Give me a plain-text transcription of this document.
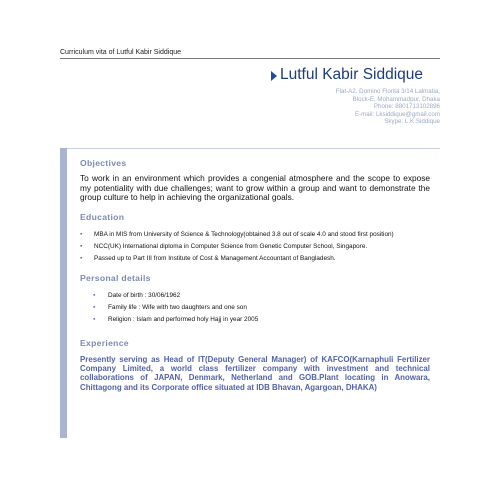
Curriculum vita of Lutful Kabir Siddique
Lutful Kabir Siddique
Flat-A2, Domino Florita 3/14 Lalmatia,
Block-E, Mohammadpur, Dhaka
Phone: 8801713102896
E-mail: Lksiddique@gmail.com
Skype: L.K.Siddique
Objectives

To work in an environment which provides a congenial atmosphere and the scope to expose my potentiality with due challenges; want to grow within a group and want to demonstrate the group culture to help in achieving the organizational goals.

Education
▪ MBA in MIS from University of Science & Technology(obtained 3.8 out of scale 4.0 and stood first position)
▪ NCC(UK) International diploma in Computer Science from Genetic Computer School, Singapore.
▪ Passed up to Part III from Institute of Cost & Management Accountant of Bangladesh.
Personal details
▪ Date of birth : 30/06/1962
▪ Family life : Wife with two daughters and one son
▪ Religion : Islam and performed holy Hajj in year 2005
Experience

Presently serving as Head of IT(Deputy General Manager) of KAFCO(Karnaphuli Fertilizer Company Limited, a world class fertilizer company with investment and technical collaborations of JAPAN, Denmark, Netherland and GOB.Plant locating in Anowara, Chittagong and its Corporate office situated at IDB Bhavan, Agargoan, DHAKA)
